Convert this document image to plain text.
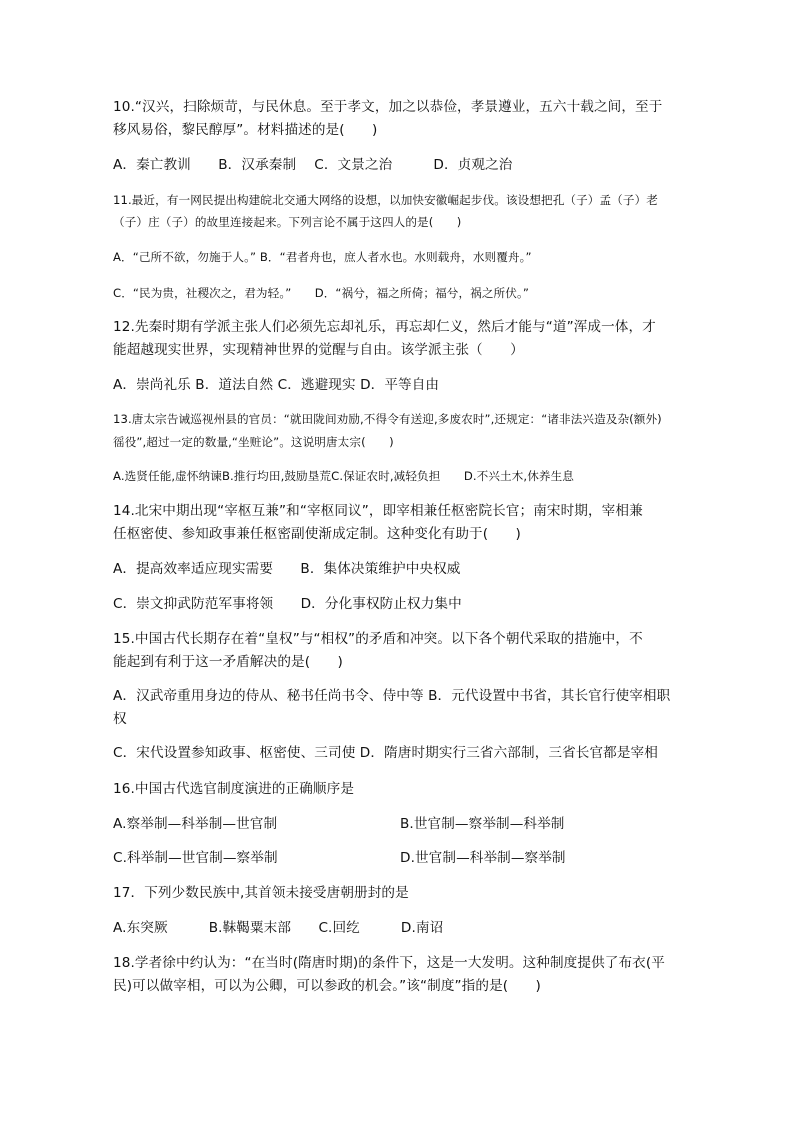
10.“汉兴，扫除烦苛，与民休息。至于孝文，加之以恭俭，孝景遵业，五六十载之间，至于
移风易俗，黎民醇厚”。材料描述的是(　　)
A．秦亡教训　　B．汉承秦制　 C．文景之治　　　D．贞观之治
11.最近，有一网民提出构建皖北交通大网络的设想，以加快安徽崛起步伐。该设想把孔（子）孟（子）老
（子）庄（子）的故里连接起来。下列言论不属于这四人的是(　　)
A．“己所不欲，勿施于人。” B．“君者舟也，庶人者水也。水则载舟，水则覆舟。”
C．“民为贵，社稷次之，君为轻。”　　D．“祸兮，福之所倚；福兮，祸之所伏。”
12.先秦时期有学派主张人们必须先忘却礼乐，再忘却仁义，然后才能与“道”浑成一体，才
能超越现实世界，实现精神世界的觉醒与自由。该学派主张（　　）
A．崇尚礼乐 B．道法自然 C．逃避现实 D．平等自由
13.唐太宗告诫巡视州县的官员：“就田陇间劝励,不得令有送迎,多废农时”,还规定：“诸非法兴造及杂(额外)
徭役”,超过一定的数量,“坐赃论”。这说明唐太宗(　　)
A.选贤任能,虚怀纳谏B.推行均田,鼓励垦荒C.保证农时,减轻负担　　D.不兴土木,休养生息
14.北宋中期出现“宰枢互兼”和“宰枢同议”，即宰相兼任枢密院长官；南宋时期，宰相兼
任枢密使、参知政事兼任枢密副使渐成定制。这种变化有助于(　　)
A．提高效率适应现实需要　　B．集体决策维护中央权威
C．崇文抑武防范军事将领　　D．分化事权防止权力集中
15.中国古代长期存在着“皇权”与“相权”的矛盾和冲突。以下各个朝代采取的措施中，不
能起到有利于这一矛盾解决的是(　　)
A．汉武帝重用身边的侍从、秘书任尚书令、侍中等 B．元代设置中书省，其长官行使宰相职
权
C．宋代设置参知政事、枢密使、三司使 D．隋唐时期实行三省六部制，三省长官都是宰相
16.中国古代选官制度演进的正确顺序是
A.察举制—科举制—世官制	B.世官制—察举制—科举制
C.科举制—世官制—察举制	D.世官制—科举制—察举制
17．下列少数民族中,其首领未接受唐朝册封的是
A.东突厥　　　B.靺鞨粟末部　　C.回纥　　　D.南诏
18.学者徐中约认为：“在当时(隋唐时期)的条件下，这是一大发明。这种制度提供了布衣(平
民)可以做宰相，可以为公卿，可以参政的机会。”该“制度”指的是(　　)
